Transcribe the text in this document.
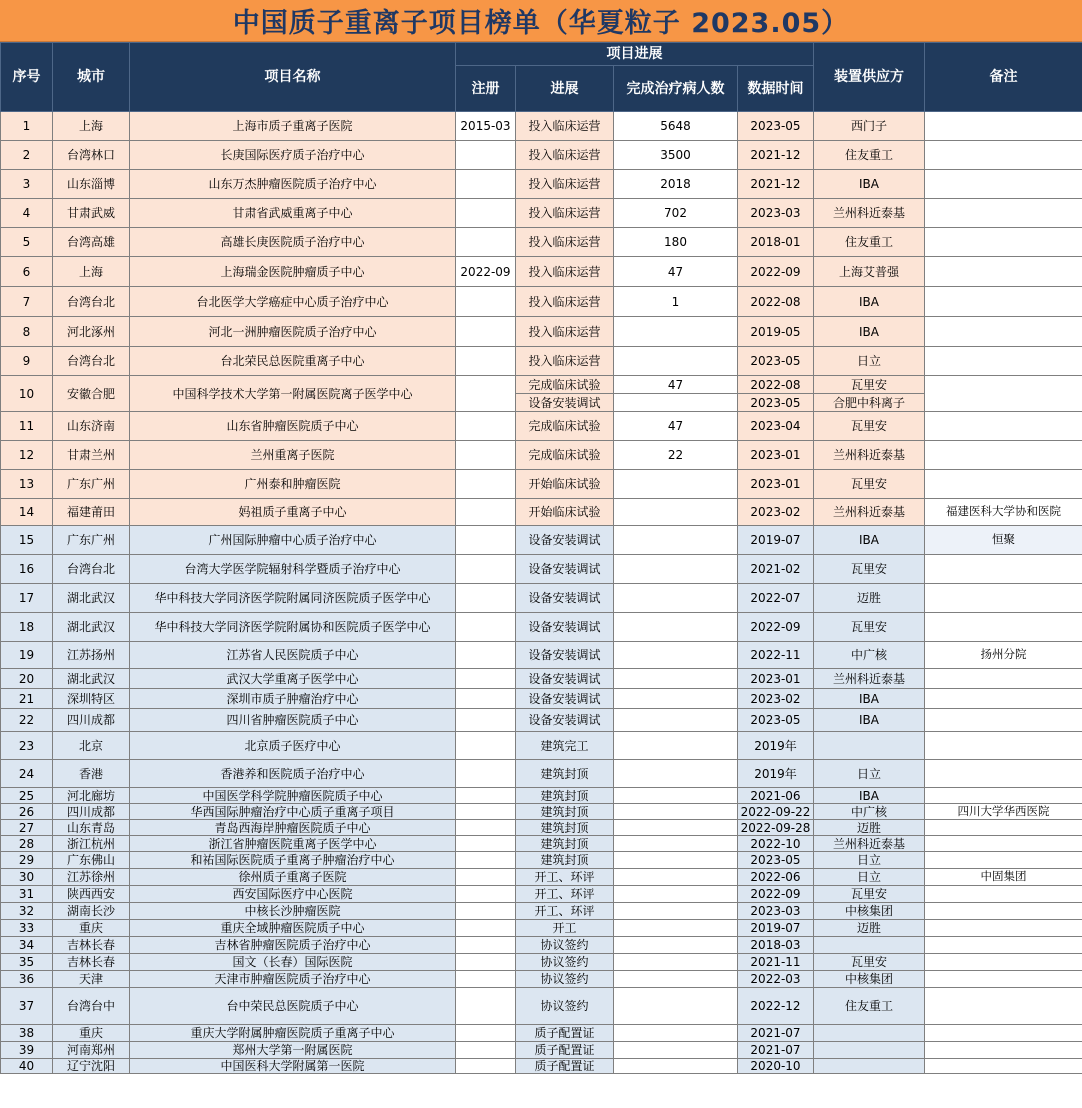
中国质子重离子项目榜单（华夏粒子 2023.05）
序号	城市	项目名称	项目进展				装置供应方	备注
			注册	进展	完成治疗病人数	数据时间		
1	上海	上海市质子重离子医院	2015-03	投入临床运营	5648	2023-05	西门子	
2	台湾林口	长庚国际医疗质子治疗中心		投入临床运营	3500	2021-12	住友重工	
3	山东淄博	山东万杰肿瘤医院质子治疗中心		投入临床运营	2018	2021-12	IBA	
4	甘肃武威	甘肃省武威重离子中心		投入临床运营	702	2023-03	兰州科近泰基	
5	台湾高雄	高雄长庚医院质子治疗中心		投入临床运营	180	2018-01	住友重工	
6	上海	上海瑞金医院肿瘤质子中心	2022-09	投入临床运营	47	2022-09	上海艾普强	
7	台湾台北	台北医学大学癌症中心质子治疗中心		投入临床运营	1	2022-08	IBA	
8	河北涿州	河北一洲肿瘤医院质子治疗中心		投入临床运营		2019-05	IBA	
9	台湾台北	台北荣民总医院重离子中心		投入临床运营		2023-05	日立	
10	安徽合肥	中国科学技术大学第一附属医院离子医学中心		完成临床试验	47	2022-08	瓦里安	
				设备安装调试		2023-05	合肥中科离子	
11	山东济南	山东省肿瘤医院质子中心		完成临床试验	47	2023-04	瓦里安	
12	甘肃兰州	兰州重离子医院		完成临床试验	22	2023-01	兰州科近泰基	
13	广东广州	广州泰和肿瘤医院		开始临床试验		2023-01	瓦里安	
14	福建莆田	妈祖质子重离子中心		开始临床试验		2023-02	兰州科近泰基	福建医科大学协和医院
15	广东广州	广州国际肿瘤中心质子治疗中心		设备安装调试		2019-07	IBA	恒聚
16	台湾台北	台湾大学医学院辐射科学暨质子治疗中心		设备安装调试		2021-02	瓦里安	
17	湖北武汉	华中科技大学同济医学院附属同济医院质子医学中心		设备安装调试		2022-07	迈胜	
18	湖北武汉	华中科技大学同济医学院附属协和医院质子医学中心		设备安装调试		2022-09	瓦里安	
19	江苏扬州	江苏省人民医院质子中心		设备安装调试		2022-11	中广核	扬州分院
20	湖北武汉	武汉大学重离子医学中心		设备安装调试		2023-01	兰州科近泰基	
21	深圳特区	深圳市质子肿瘤治疗中心		设备安装调试		2023-02	IBA	
22	四川成都	四川省肿瘤医院质子中心		设备安装调试		2023-05	IBA	
23	北京	北京质子医疗中心		建筑完工		2019年		
24	香港	香港养和医院质子治疗中心		建筑封顶		2019年	日立	
25	河北廊坊	中国医学科学院肿瘤医院质子中心		建筑封顶		2021-06	IBA	
26	四川成都	华西国际肿瘤治疗中心质子重离子项目		建筑封顶		2022-09-22	中广核	四川大学华西医院
27	山东青岛	青岛西海岸肿瘤医院质子中心		建筑封顶		2022-09-28	迈胜	
28	浙江杭州	浙江省肿瘤医院重离子医学中心		建筑封顶		2022-10	兰州科近泰基	
29	广东佛山	和祐国际医院质子重离子肿瘤治疗中心		建筑封顶		2023-05	日立	
30	江苏徐州	徐州质子重离子医院		开工、环评		2022-06	日立	中固集团
31	陕西西安	西安国际医疗中心医院		开工、环评		2022-09	瓦里安	
32	湖南长沙	中核长沙肿瘤医院		开工、环评		2023-03	中核集团	
33	重庆	重庆全域肿瘤医院质子中心		开工		2019-07	迈胜	
34	吉林长春	吉林省肿瘤医院质子治疗中心		协议签约		2018-03		
35	吉林长春	国文（长春）国际医院		协议签约		2021-11	瓦里安	
36	天津	天津市肿瘤医院质子治疗中心		协议签约		2022-03	中核集团	
37	台湾台中	台中荣民总医院质子中心		协议签约		2022-12	住友重工	
38	重庆	重庆大学附属肿瘤医院质子重离子中心		质子配置证		2021-07		
39	河南郑州	郑州大学第一附属医院		质子配置证		2021-07		
40	辽宁沈阳	中国医科大学附属第一医院		质子配置证		2020-10		
